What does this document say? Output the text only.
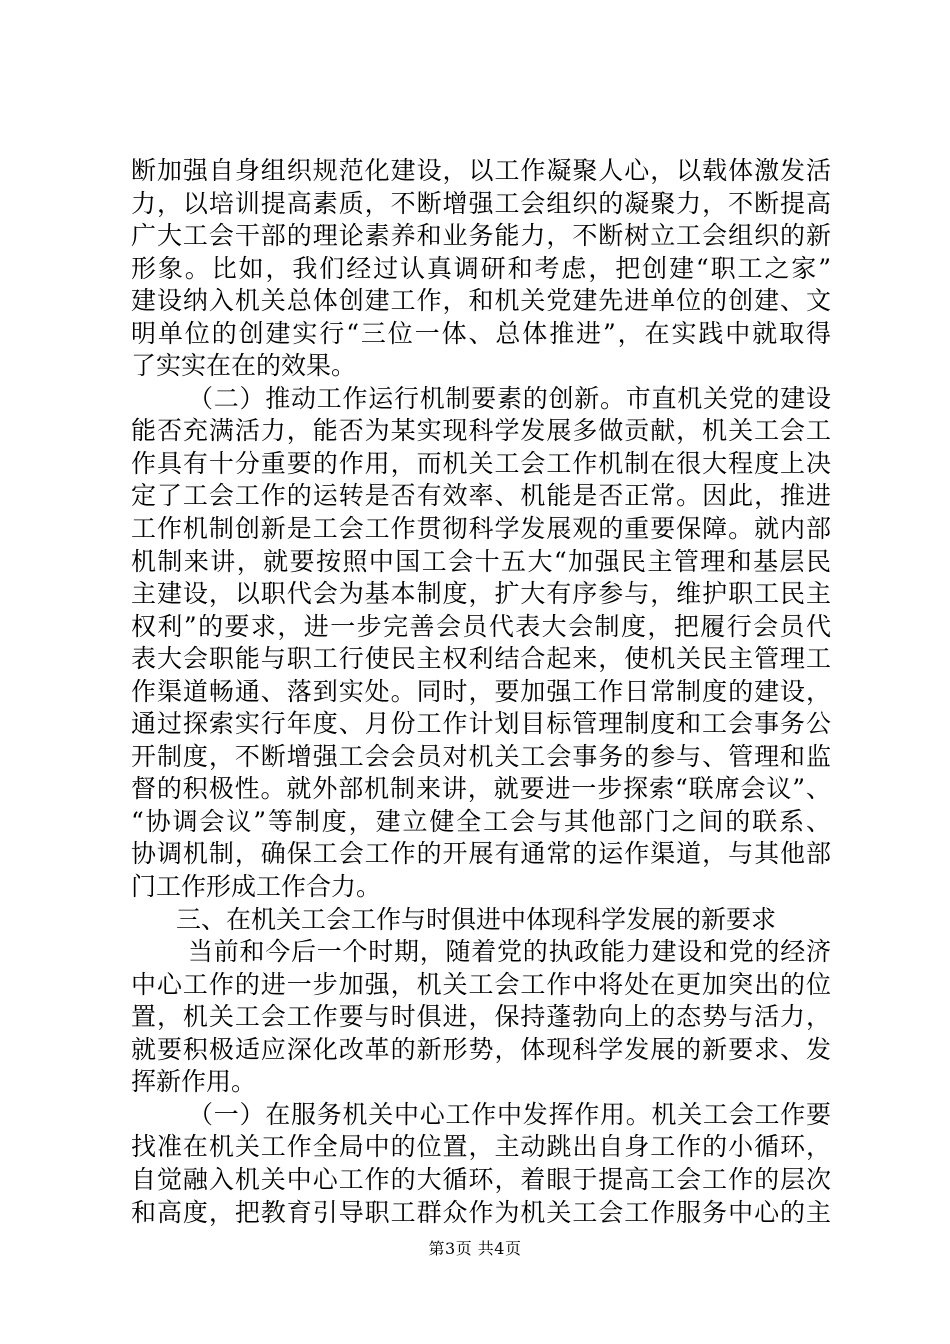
断加强自身组织规范化建设，以工作凝聚人心，以载体激发活
力，以培训提高素质，不断增强工会组织的凝聚力，不断提高
广大工会干部的理论素养和业务能力，不断树立工会组织的新
形象。比如，我们经过认真调研和考虑，把创建“职工之家”
建设纳入机关总体创建工作，和机关党建先进单位的创建、文
明单位的创建实行“三位一体、总体推进”，在实践中就取得
了实实在在的效果。
（二）推动工作运行机制要素的创新。市直机关党的建设
能否充满活力，能否为某实现科学发展多做贡献，机关工会工
作具有十分重要的作用，而机关工会工作机制在很大程度上决
定了工会工作的运转是否有效率、机能是否正常。因此，推进
工作机制创新是工会工作贯彻科学发展观的重要保障。就内部
机制来讲，就要按照中国工会十五大“加强民主管理和基层民
主建设，以职代会为基本制度，扩大有序参与，维护职工民主
权利”的要求，进一步完善会员代表大会制度，把履行会员代
表大会职能与职工行使民主权利结合起来，使机关民主管理工
作渠道畅通、落到实处。同时，要加强工作日常制度的建设，
通过探索实行年度、月份工作计划目标管理制度和工会事务公
开制度，不断增强工会会员对机关工会事务的参与、管理和监
督的积极性。就外部机制来讲，就要进一步探索“联席会议”、
“协调会议”等制度，建立健全工会与其他部门之间的联系、
协调机制，确保工会工作的开展有通常的运作渠道，与其他部
门工作形成工作合力。
三、在机关工会工作与时俱进中体现科学发展的新要求
当前和今后一个时期，随着党的执政能力建设和党的经济
中心工作的进一步加强，机关工会工作中将处在更加突出的位
置，机关工会工作要与时俱进，保持蓬勃向上的态势与活力，
就要积极适应深化改革的新形势，体现科学发展的新要求、发
挥新作用。
（一）在服务机关中心工作中发挥作用。机关工会工作要
找准在机关工作全局中的位置，主动跳出自身工作的小循环，
自觉融入机关中心工作的大循环，着眼于提高工会工作的层次
和高度，把教育引导职工群众作为机关工会工作服务中心的主
第3页 共4页
